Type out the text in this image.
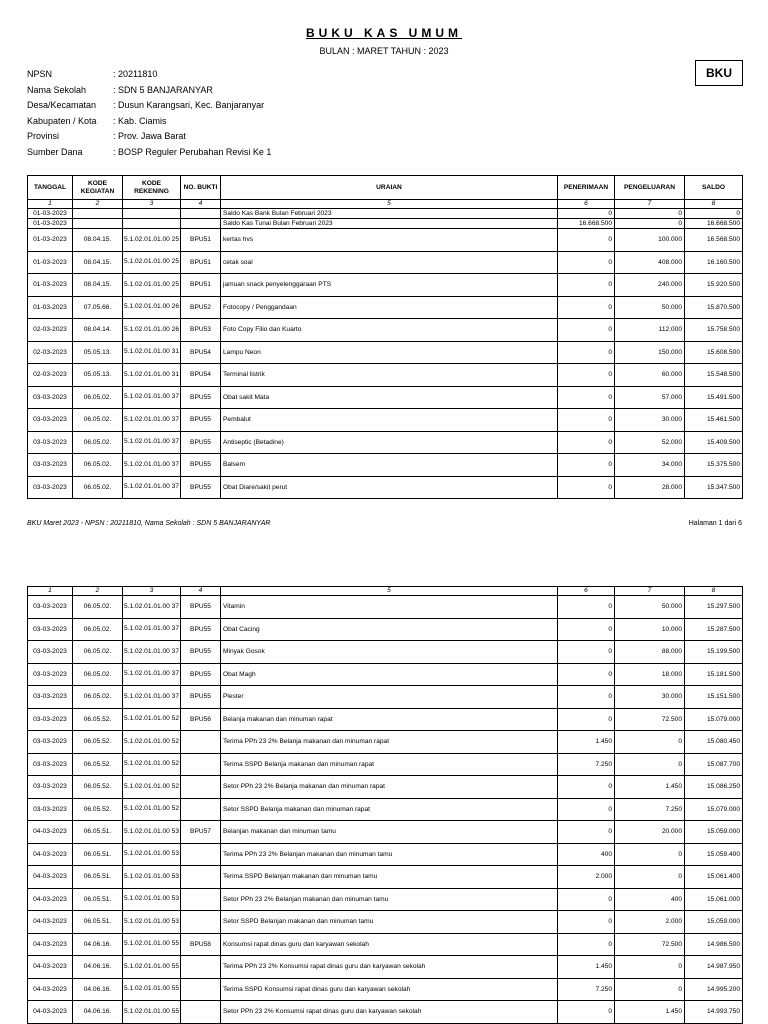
BUKU KAS UMUM
BULAN : MARET TAHUN : 2023
BKU
NPSN	: 20211810
Nama Sekolah	: SDN 5 BANJARANYAR
Desa/Kecamatan	: Dusun Karangsari, Kec. Banjaranyar
Kabupaten / Kota	: Kab. Ciamis
Provinsi	: Prov. Jawa Barat
Sumber Dana	: BOSP Reguler Perubahan Revisi Ke 1
TANGGAL	KODE KEGIATAN	KODE REKENING	NO. BUKTI	URAIAN	PENERIMAAN	PENGELUARAN	SALDO
1	2	3	4	5	6	7	8
01-03-2023				Saldo Kas Bank Bulan Februari 2023	0	0	0
01-03-2023				Saldo Kas Tunai Bulan Februari 2023	16.668.500	0	16.668.500
01-03-2023	08.04.15.	5.1.02.01.01.00 25	BPU51	kertas hvs	0	100.000	16.568.500
01-03-2023	08.04.15.	5.1.02.01.01.00 25	BPU51	cetak soal	0	408.000	16.160.500
01-03-2023	08.04.15.	5.1.02.01.01.00 25	BPU51	jamuan snack penyelenggaraan PTS	0	240.000	15.920.500
01-03-2023	07.05.66.	5.1.02.01.01.00 26	BPU52	Fotocopy / Penggandaan	0	50.000	15.870.500
02-03-2023	08.04.14.	5.1.02.01.01.00 26	BPU53	Foto Copy Filio dan Kuarto	0	112.000	15.758.500
02-03-2023	05.05.13.	5.1.02.01.01.00 31	BPU54	Lampu Neon	0	150.000	15.608.500
02-03-2023	05.05.13.	5.1.02.01.01.00 31	BPU54	Terminal listrik	0	60.000	15.548.500
03-03-2023	06.05.02.	5.1.02.01.01.00 37	BPU55	Obat sakit Mata	0	57.000	15.491.500
03-03-2023	06.05.02.	5.1.02.01.01.00 37	BPU55	Pembalut	0	30.000	15.461.500
03-03-2023	06.05.02.	5.1.02.01.01.00 37	BPU55	Antiseptic (Betadine)	0	52.000	15.409.500
03-03-2023	06.05.02.	5.1.02.01.01.00 37	BPU55	Balsem	0	34.000	15.375.500
03-03-2023	06.05.02.	5.1.02.01.01.00 37	BPU55	Obat Diare/sakit perut	0	28.000	15.347.500
BKU Maret 2023 - NPSN : 20211810, Nama Sekolah : SDN 5 BANJARANYAR	Halaman 1 dari 6
1	2	3	4	5	6	7	8
03-03-2023	06.05.02.	5.1.02.01.01.00 37	BPU55	Vitamin	0	50.000	15.297.500
03-03-2023	06.05.02.	5.1.02.01.01.00 37	BPU55	Obat Cacing	0	10.000	15.287.500
03-03-2023	06.05.02.	5.1.02.01.01.00 37	BPU55	Minyak Gosok	0	88.000	15.199.500
03-03-2023	06.05.02.	5.1.02.01.01.00 37	BPU55	Obat Magh	0	18.000	15.181.500
03-03-2023	06.05.02.	5.1.02.01.01.00 37	BPU55	Plester	0	30.000	15.151.500
03-03-2023	06.05.52.	5.1.02.01.01.00 52	BPU56	Belanja makanan dan minuman rapat	0	72.500	15.079.000
03-03-2023	06.05.52.	5.1.02.01.01.00 52		Terima PPh 23 2% Belanja makanan dan minuman rapat	1.450	0	15.080.450
03-03-2023	06.05.52.	5.1.02.01.01.00 52		Terima SSPD Belanja makanan dan minuman rapat	7.250	0	15.087.700
03-03-2023	06.05.52.	5.1.02.01.01.00 52		Setor PPh 23 2% Belanja makanan dan minuman rapat	0	1.450	15.086.250
03-03-2023	06.05.52.	5.1.02.01.01.00 52		Setor SSPD Belanja makanan dan minuman rapat	0	7.250	15.079.000
04-03-2023	06.05.51.	5.1.02.01.01.00 53	BPU57	Belanjan makanan dan minuman tamu	0	20.000	15.059.000
04-03-2023	06.05.51.	5.1.02.01.01.00 53		Terima PPh 23 2% Belanjan makanan dan minuman tamu	400	0	15.059.400
04-03-2023	06.05.51.	5.1.02.01.01.00 53		Terima SSPD Belanjan makanan dan minuman tamu	2.000	0	15.061.400
04-03-2023	06.05.51.	5.1.02.01.01.00 53		Setor PPh 23 2% Belanjan makanan dan minuman tamu	0	400	15.061.000
04-03-2023	06.05.51.	5.1.02.01.01.00 53		Setor SSPD Belanjan makanan dan minuman tamu	0	2.000	15.059.000
04-03-2023	04.06.16.	5.1.02.01.01.00 55	BPU58	Konsumsi rapat dinas guru dan karyawan sekolah	0	72.500	14.986.500
04-03-2023	04.06.16.	5.1.02.01.01.00 55		Terima PPh 23 2% Konsumsi rapat dinas guru dan karyawan sekolah	1.450	0	14.987.950
04-03-2023	04.06.16.	5.1.02.01.01.00 55		Terima SSPD Konsumsi rapat dinas guru dan karyawan sekolah	7.250	0	14.995.200
04-03-2023	04.06.16.	5.1.02.01.01.00 55		Setor PPh 23 2% Konsumsi rapat dinas guru dan karyawan sekolah	0	1.450	14.993.750
